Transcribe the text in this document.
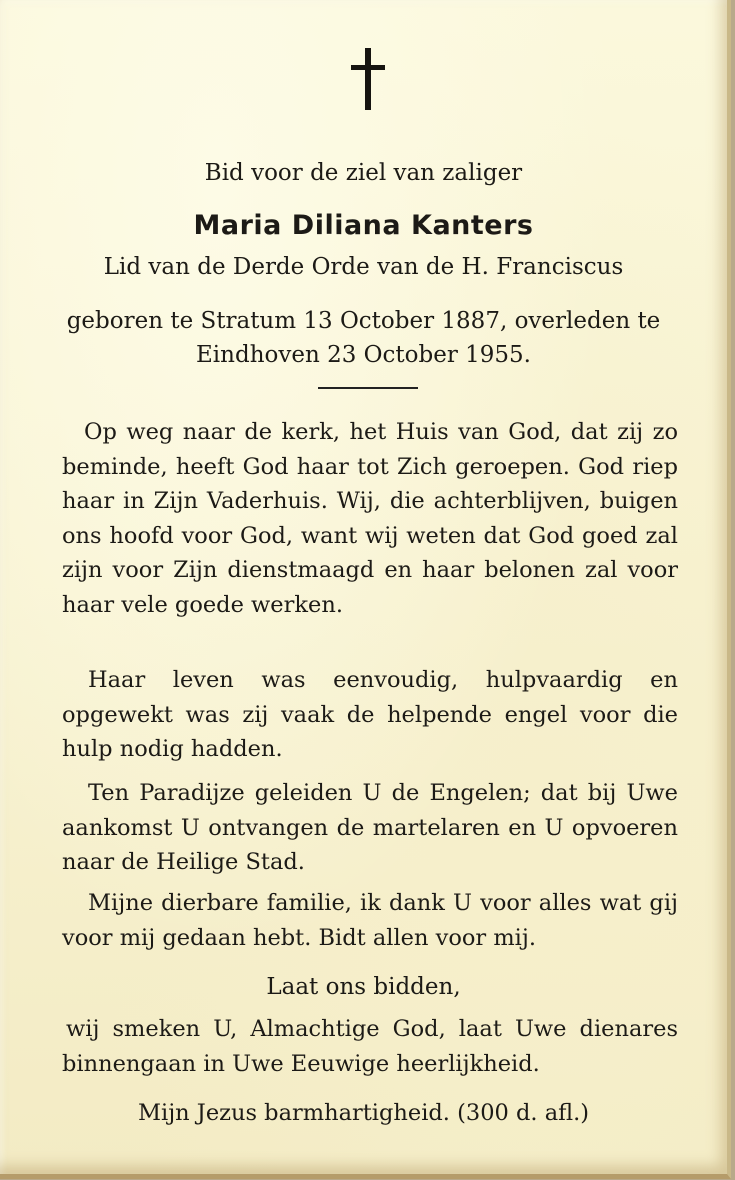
Bid voor de ziel van zaliger
Maria Diliana Kanters
Lid van de Derde Orde van de H. Franciscus
geboren te Stratum 13 October 1887, overleden te
Eindhoven 23 October 1955.
Op weg naar de kerk, het Huis van God, dat zij zo beminde, heeft God haar tot Zich geroepen. God riep haar in Zijn Vaderhuis. Wij, die achterblijven, buigen ons hoofd voor God, want wij weten dat God goed zal zijn voor Zijn dienstmaagd en haar belonen zal voor haar vele goede werken.
Haar leven was eenvoudig, hulpvaardig en opgewekt was zij vaak de helpende engel voor die hulp nodig hadden.
Ten Paradijze geleiden U de Engelen; dat bij Uwe aankomst U ontvangen de martelaren en U opvoeren naar de Heilige Stad.
Mijne dierbare familie, ik dank U voor alles wat gij voor mij gedaan hebt. Bidt allen voor mij.
Laat ons bidden,
wij smeken U, Almachtige God, laat Uwe dienares binnengaan in Uwe Eeuwige heerlijkheid.
Mijn Jezus barmhartigheid. (300 d. afl.)
